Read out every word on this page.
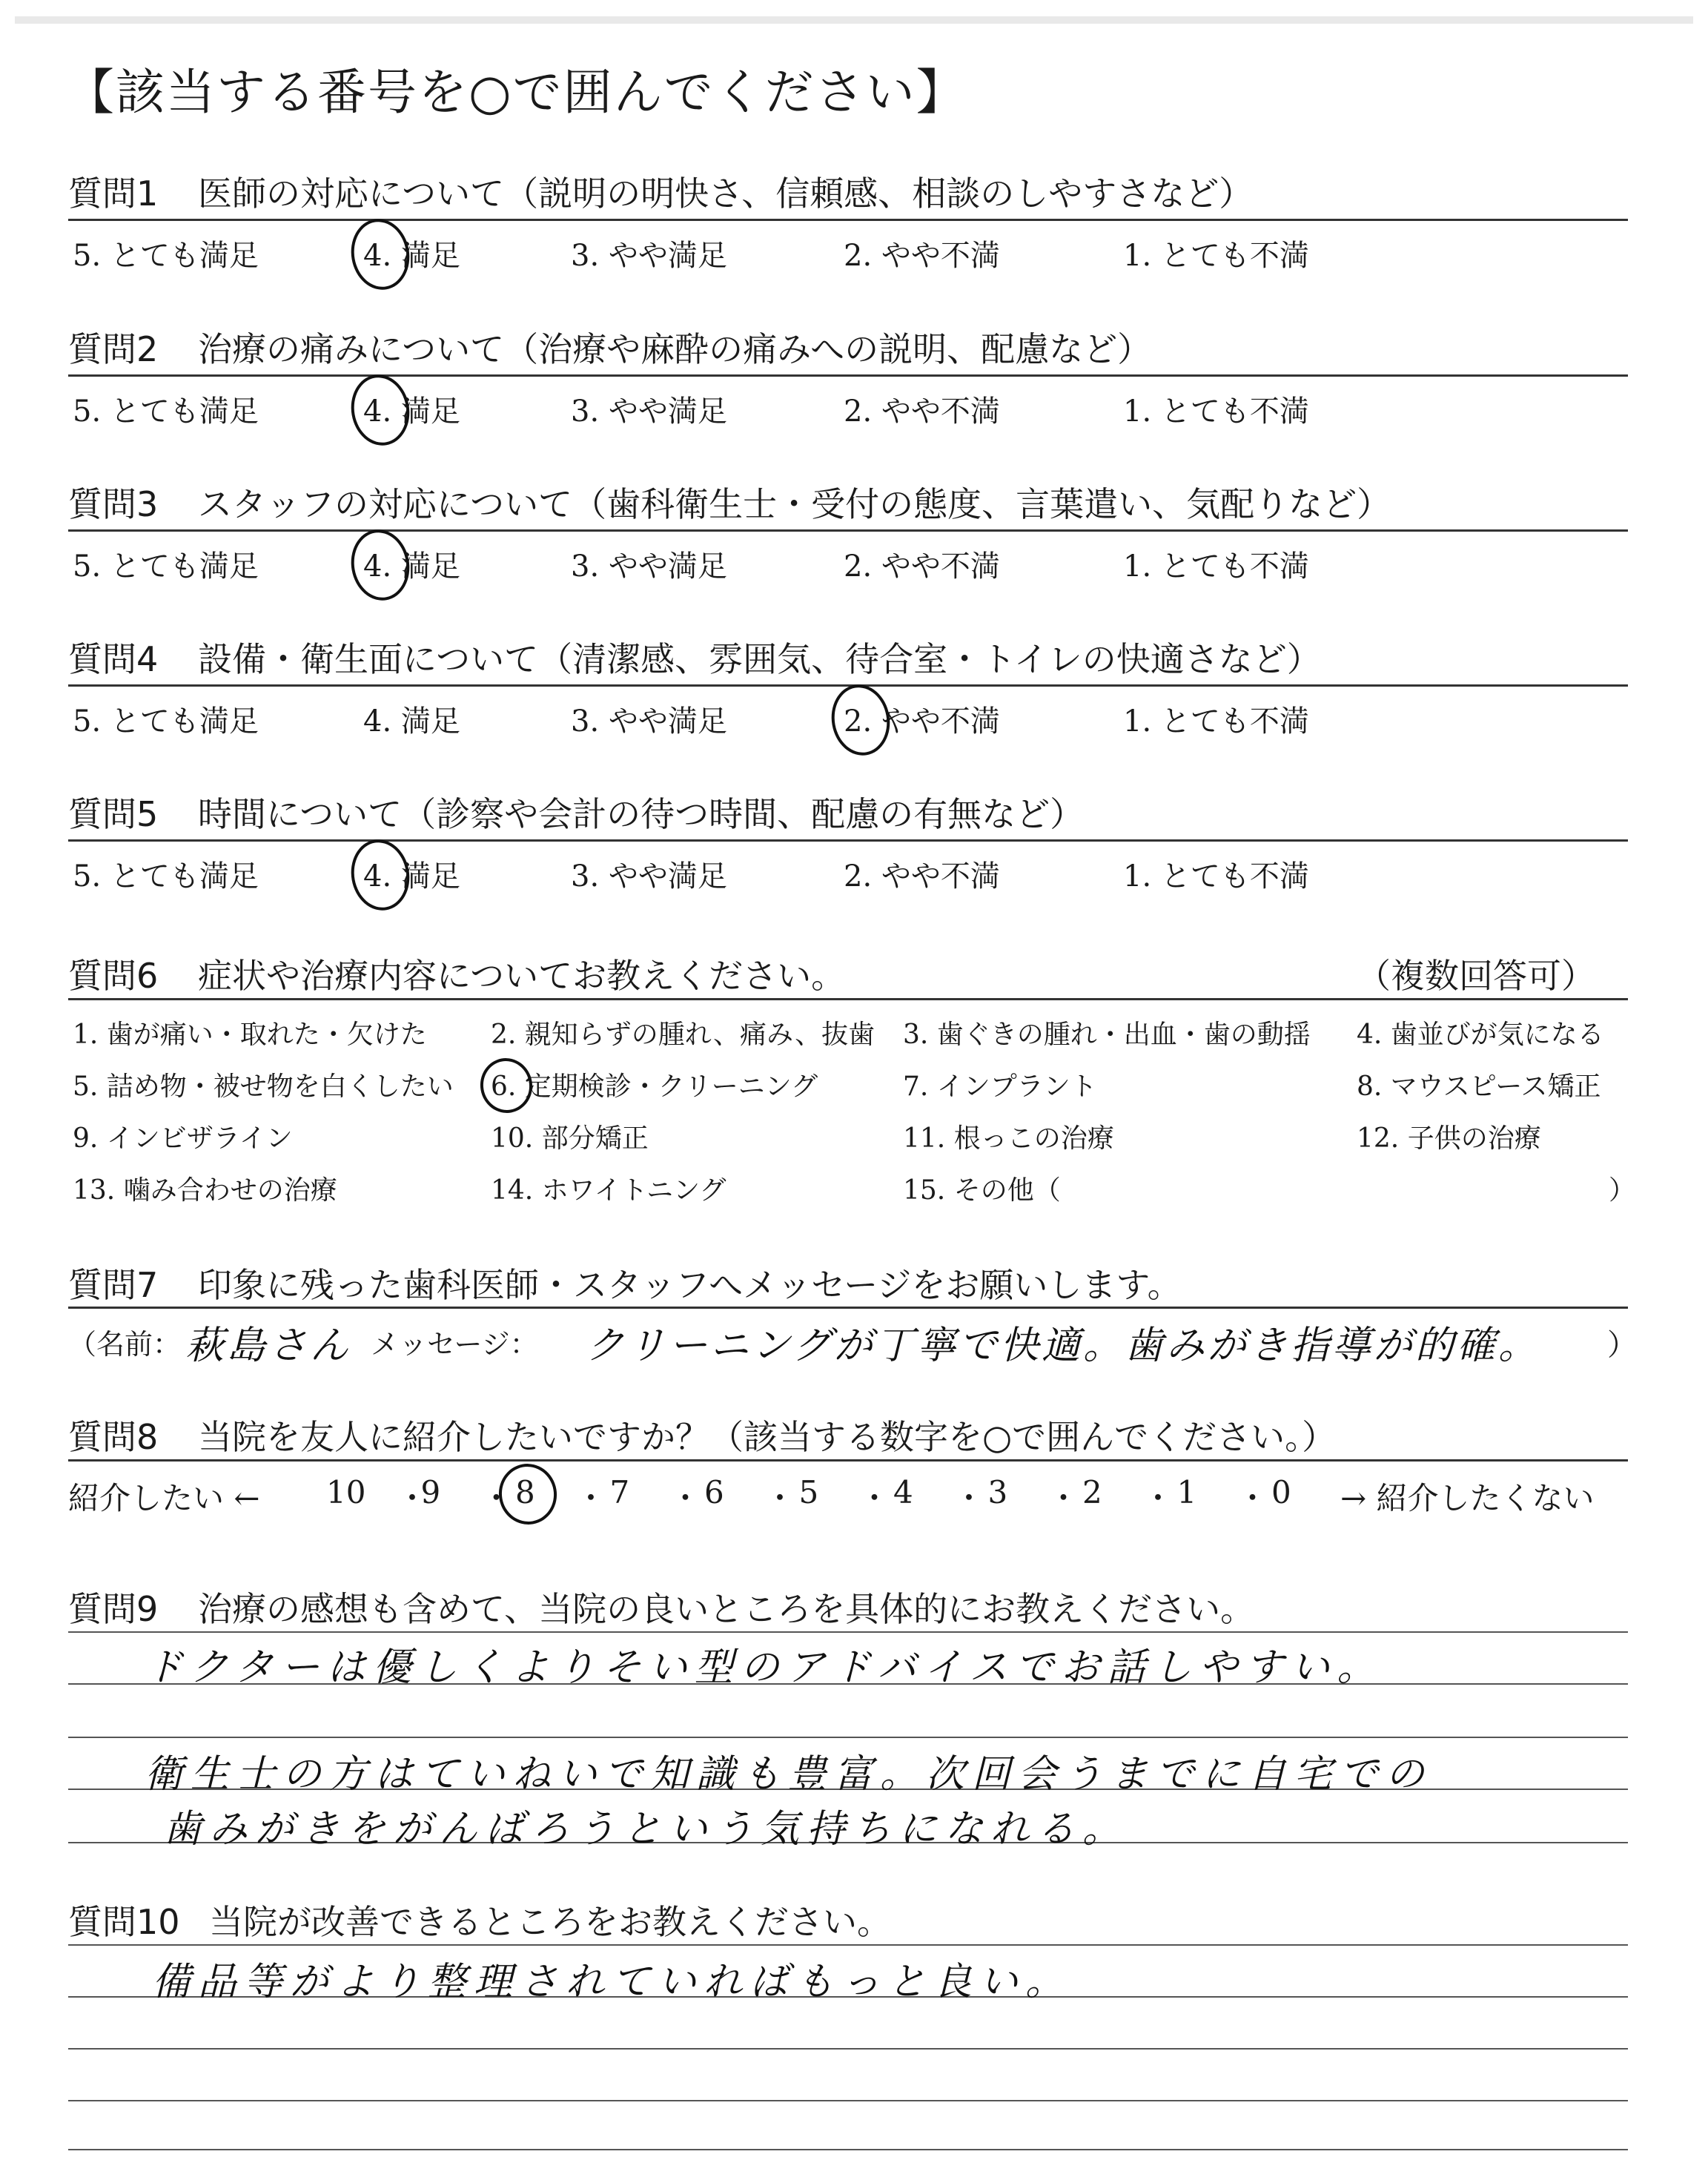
【該当する番号を○で囲んでください】
質問1 医師の対応について（説明の明快さ、信頼感、相談のしやすさなど）
5. とても満足	4. 満足	3. やや満足	2. やや不満	1. とても不満
質問2 治療の痛みについて（治療や麻酔の痛みへの説明、配慮など）
5. とても満足	4. 満足	3. やや満足	2. やや不満	1. とても不満
質問3 スタッフの対応について（歯科衛生士・受付の態度、言葉遣い、気配りなど）
5. とても満足	4. 満足	3. やや満足	2. やや不満	1. とても不満
質問4 設備・衛生面について（清潔感、雰囲気、待合室・トイレの快適さなど）
5. とても満足	4. 満足	3. やや満足	2. やや不満	1. とても不満
質問5 時間について（診察や会計の待つ時間、配慮の有無など）
5. とても満足	4. 満足	3. やや満足	2. やや不満	1. とても不満
質問6 症状や治療内容についてお教えください。	（複数回答可）
1. 歯が痛い・取れた・欠けた 2. 親知らずの腫れ、痛み、抜歯 3. 歯ぐきの腫れ・出血・歯の動揺 4. 歯並びが気になる
5. 詰め物・被せ物を白くしたい 6. 定期検診・クリーニング	7. インプラント	8. マウスピース矯正
9. インビザライン	10. 部分矯正	11. 根っこの治療	12. 子供の治療
13. 噛み合わせの治療	14. ホワイトニング	15. その他（	）
質問7 印象に残った歯科医師・スタッフへメッセージをお願いします。
（名前： 萩島さん メッセージ： クリーニングが丁寧で快適。歯みがき指導が的確。 ）
質問8 当院を友人に紹介したいですか？（該当する数字を○で囲んでください。）
紹介したい ←	→ 紹介したくない
10 ・
9 ・ 8 ・ 7 ・ 6 ・ 5 ・ 4 ・ 3 ・ 2 ・ 1 ・ 0
質問9 治療の感想も含めて、当院の良いところを具体的にお教えください。
ドクターは優しくよりそい型のアドバイスでお話しやすい。
衛生士の方はていねいで知識も豊富。次回会うまでに自宅での
歯みがきをがんばろうという気持ちになれる。
質問10 当院が改善できるところをお教えください。
備品等がより整理されていればもっと良い。
